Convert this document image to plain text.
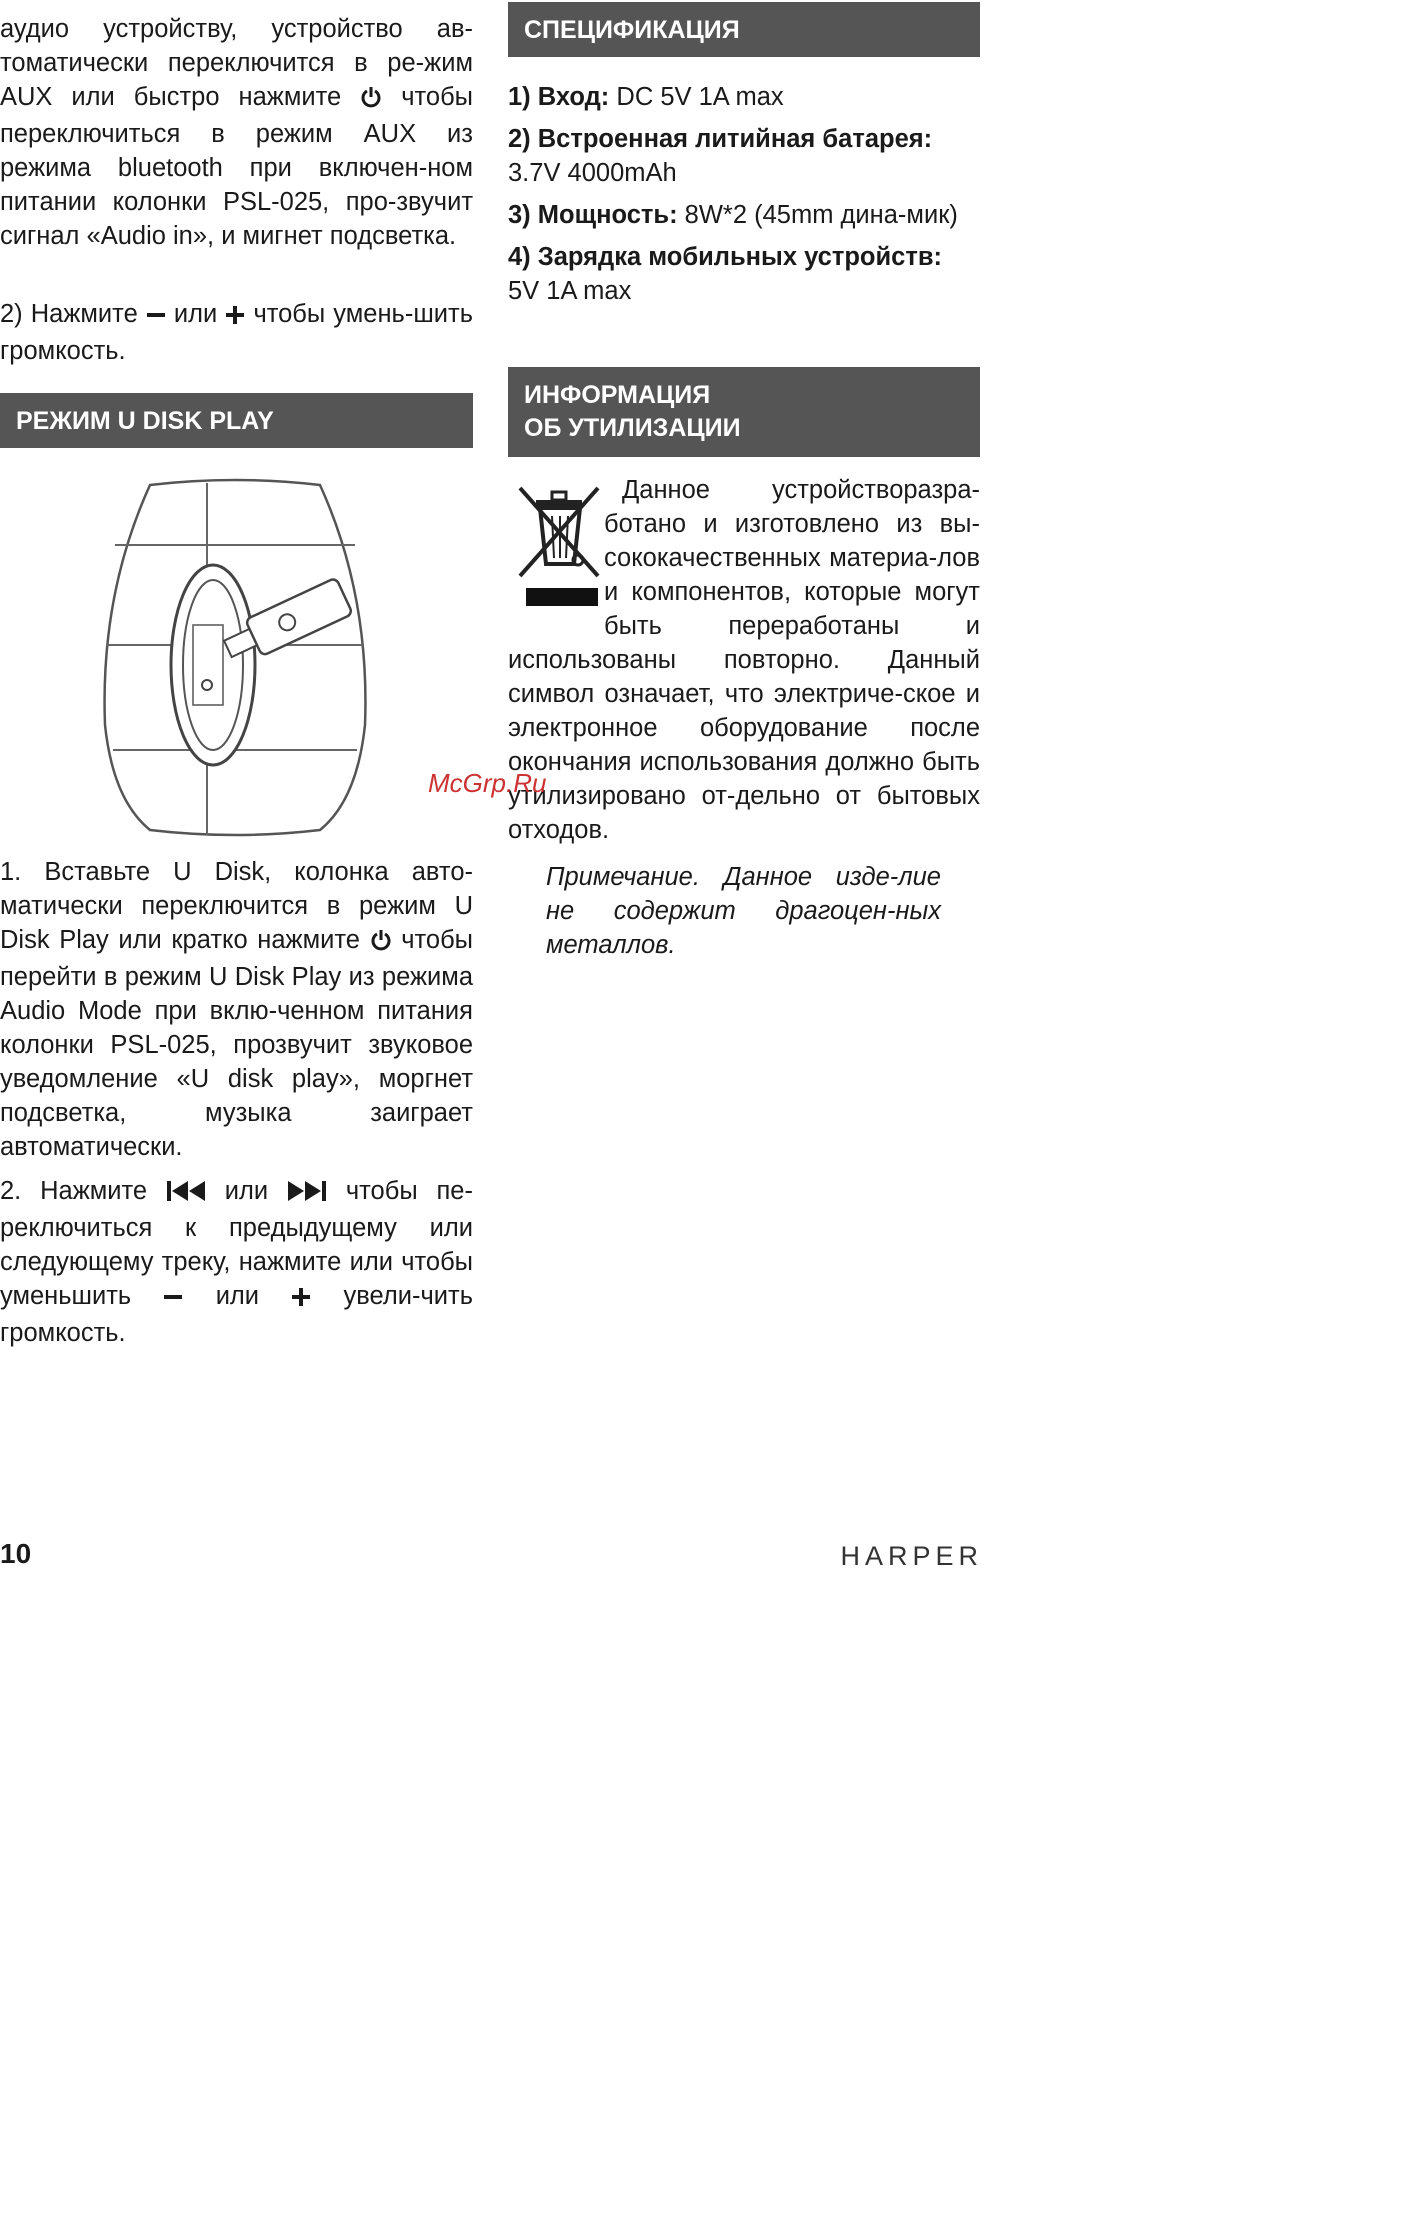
аудио устройству, устройство ав-томатически переключится в ре-жим AUX или быстро нажмите чтобы переключиться в режим AUX из режима bluetooth при включен-ном питании колонки PSL-025, про-звучит сигнал «Audio in», и мигнет подсветка.

2) Нажмите или чтобы умень-шить громкость.

РЕЖИМ U DISK PLAY

1. Вставьте U Disk, колонка авто-матически переключится в режим U Disk Play или кратко нажмите чтобы перейти в режим U Disk Play из режима Audio Mode при вклю-ченном питания колонки PSL-025, прозвучит звуковое уведомление «U disk play», моргнет подсветка, музыка заиграет автоматически.

2. Нажмите	или	чтобы пе-реключиться к предыдущему или следующему треку, нажмите или чтобы уменьшить	или	увели-чить громкость.

СПЕЦИФИКАЦИЯ

1) Вход: DC 5V 1A max

2) Встроенная литийная батарея:
3.7V 4000mAh

3) Мощность: 8W*2 (45mm дина-мик)

4) Зарядка мобильных устройств:
5V 1A max

ИНФОРМАЦИЯ
ОБ УТИЛИЗАЦИИ

Данное устройстворазра-ботано и изготовлено из вы-сококачественных материа-лов и компонентов, которые могут быть переработаны и использованы повторно. Данный символ означает, что электриче-ское и электронное оборудование после окончания использования должно быть утилизировано от-дельно от бытовых отходов.

Примечание. Данное изде-лие не содержит драгоцен-ных металлов.

McGrp.Ru
10	HARPER
